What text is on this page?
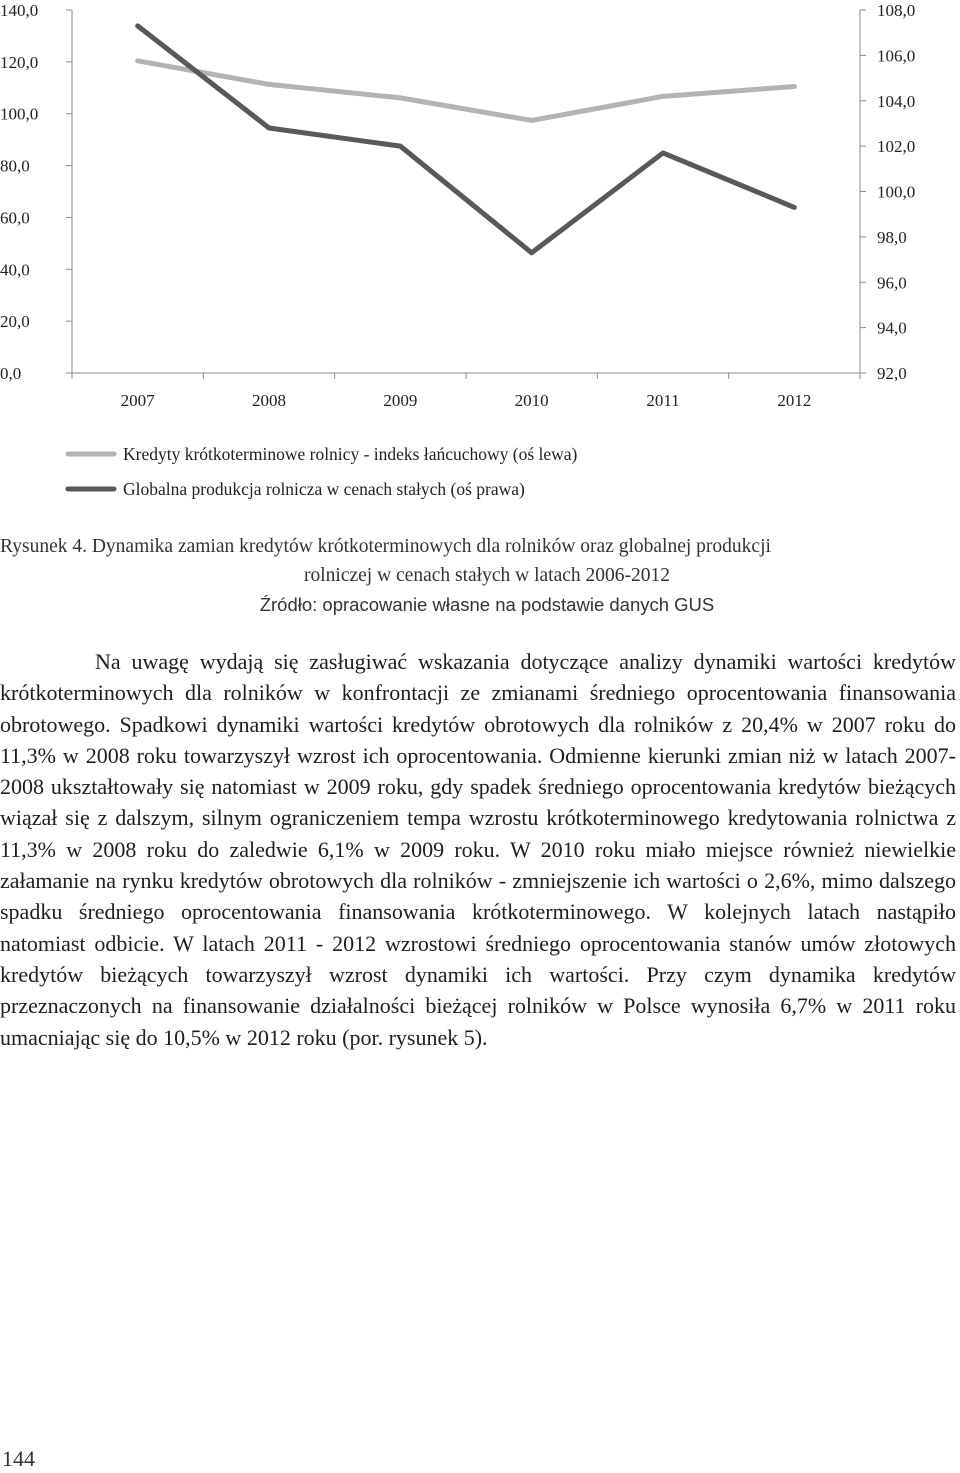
0,0
20,0
40,0
60,0
80,0
100,0
120,0
140,0
92,0
94,0
96,0
98,0
100,0
102,0
104,0
106,0
108,0
2007	2008	2009	2010	2011	2012
Kredyty krótkoterminowe rolnicy - indeks łańcuchowy (oś lewa)
Globalna produkcja rolnicza w cenach stałych (oś prawa)
Rysunek 4. Dynamika zamian kredytów krótkoterminowych dla rolników oraz globalnej produkcji
rolniczej w cenach stałych w latach 2006-2012
Źródło: opracowanie własne na podstawie danych GUS

Na uwagę wydają się zasługiwać wskazania dotyczące analizy dynamiki wartości kredytów krótkoterminowych dla rolników w konfrontacji ze zmianami średniego oprocentowania finansowania obrotowego. Spadkowi dynamiki wartości kredytów obrotowych dla rolników z 20,4% w 2007 roku do 11,3% w 2008 roku towarzyszył wzrost ich oprocentowania. Odmienne kierunki zmian niż w latach 2007-2008 ukształtowały się natomiast w 2009 roku, gdy spadek średniego oprocentowania kredytów bieżących wiązał się z dalszym, silnym ograniczeniem tempa wzrostu krótkoterminowego kredytowania rolnictwa z 11,3% w 2008 roku do zaledwie 6,1% w 2009 roku. W 2010 roku miało miejsce również niewielkie załamanie na rynku kredytów obrotowych dla rolników - zmniejszenie ich wartości o 2,6%, mimo dalszego spadku średniego oprocentowania finansowania krótkoterminowego. W kolejnych latach nastąpiło natomiast odbicie. W latach 2011 - 2012 wzrostowi średniego oprocentowania stanów umów złotowych kredytów bieżących towarzyszył wzrost dynamiki ich wartości. Przy czym dynamika kredytów przeznaczonych na finansowanie działalności bieżącej rolników w Polsce wynosiła 6,7% w 2011 roku umacniając się do 10,5% w 2012 roku (por. rysunek 5).

144
